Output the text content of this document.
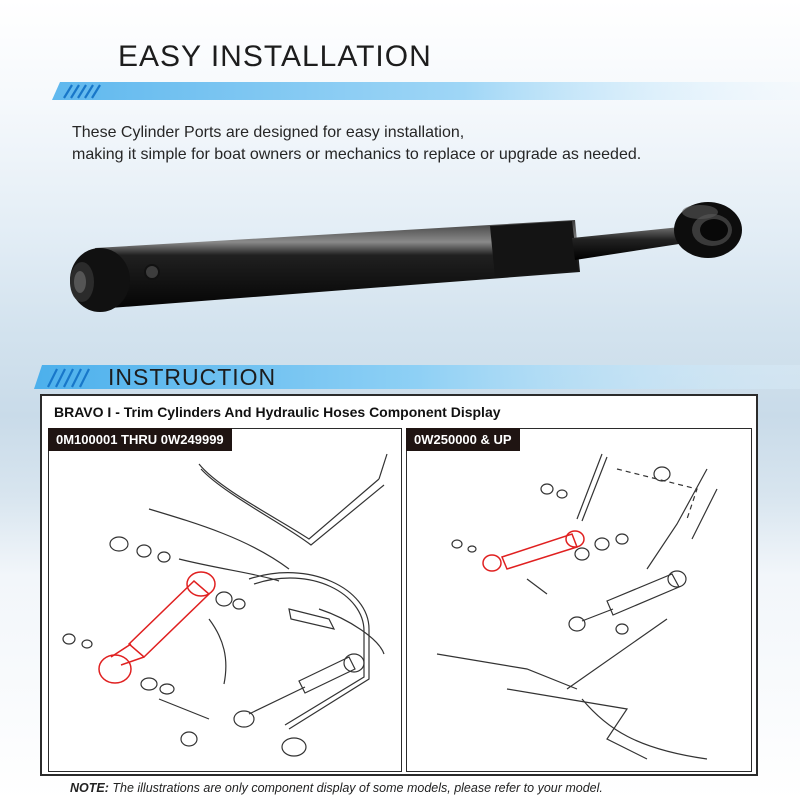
EASY INSTALLATION
These Cylinder Ports are designed for easy installation,
making it simple for boat owners or mechanics to replace or upgrade as needed.
INSTRUCTION
BRAVO I - Trim Cylinders And Hydraulic Hoses Component Display
0M100001 THRU 0W249999	0W250000 & UP
NOTE: The illustrations are only component display of some models, please refer to your model.
